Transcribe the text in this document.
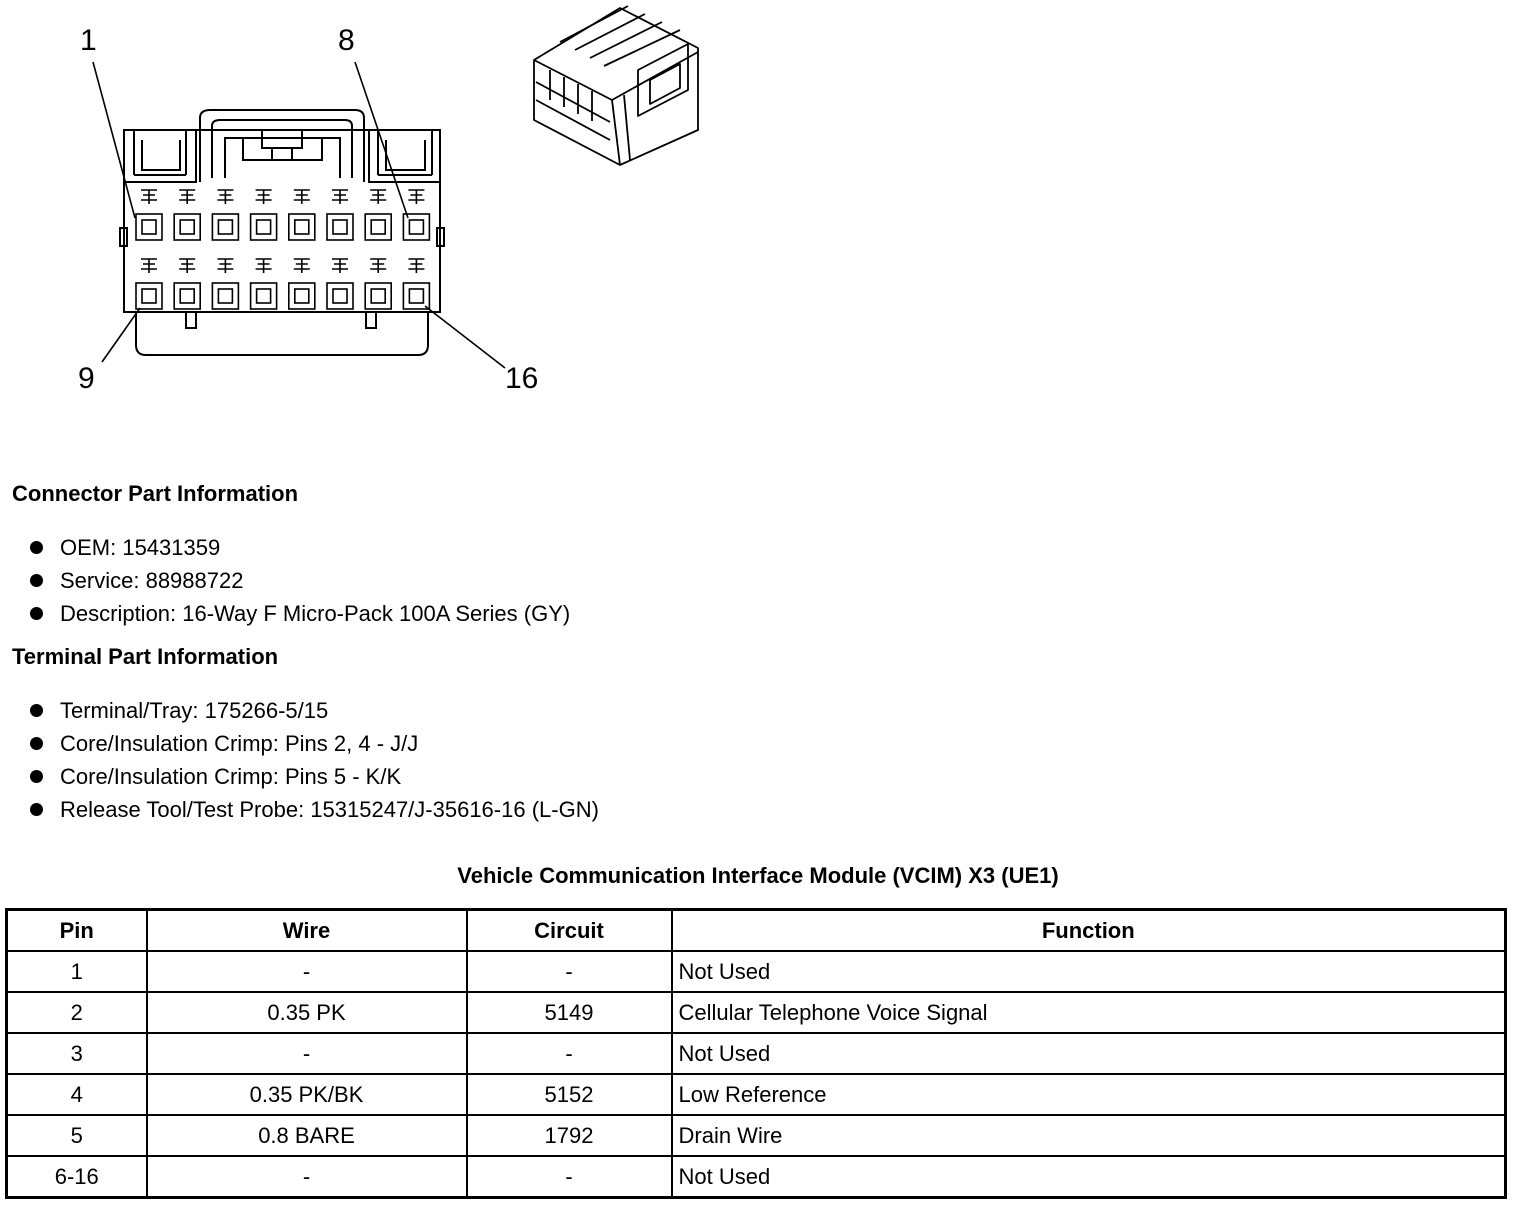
1	8
9	16
Connector Part Information
OEM: 15431359
Service: 88988722
Description: 16-Way F Micro-Pack 100A Series (GY)
Terminal Part Information
Terminal/Tray: 175266-5/15
Core/Insulation Crimp: Pins 2, 4 - J/J
Core/Insulation Crimp: Pins 5 - K/K
Release Tool/Test Probe: 15315247/J-35616-16 (L-GN)
Vehicle Communication Interface Module (VCIM) X3 (UE1)
Pin	Wire	Circuit	Function
1	-	-	Not Used
2	0.35 PK	5149	Cellular Telephone Voice Signal
3	-	-	Not Used
4	0.35 PK/BK	5152	Low Reference
5	0.8 BARE	1792	Drain Wire
6-16	-	-	Not Used
